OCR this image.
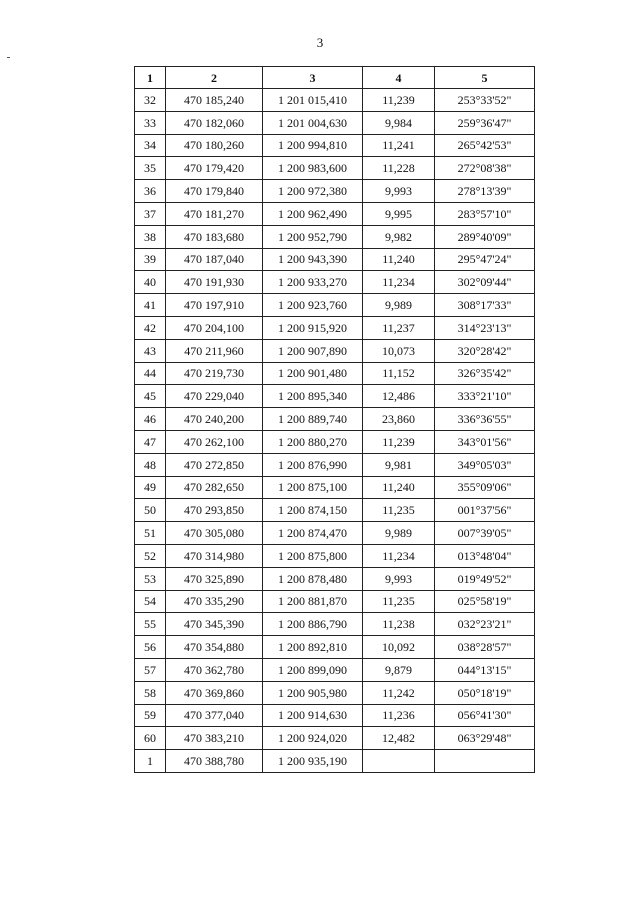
3
1	2	3	4	5
32	470 185,240	1 201 015,410	11,239	253°33'52"
33	470 182,060	1 201 004,630	9,984	259°36'47"
34	470 180,260	1 200 994,810	11,241	265°42'53"
35	470 179,420	1 200 983,600	11,228	272°08'38"
36	470 179,840	1 200 972,380	9,993	278°13'39"
37	470 181,270	1 200 962,490	9,995	283°57'10"
38	470 183,680	1 200 952,790	9,982	289°40'09"
39	470 187,040	1 200 943,390	11,240	295°47'24"
40	470 191,930	1 200 933,270	11,234	302°09'44"
41	470 197,910	1 200 923,760	9,989	308°17'33"
42	470 204,100	1 200 915,920	11,237	314°23'13"
43	470 211,960	1 200 907,890	10,073	320°28'42"
44	470 219,730	1 200 901,480	11,152	326°35'42"
45	470 229,040	1 200 895,340	12,486	333°21'10"
46	470 240,200	1 200 889,740	23,860	336°36'55"
47	470 262,100	1 200 880,270	11,239	343°01'56"
48	470 272,850	1 200 876,990	9,981	349°05'03"
49	470 282,650	1 200 875,100	11,240	355°09'06"
50	470 293,850	1 200 874,150	11,235	001°37'56"
51	470 305,080	1 200 874,470	9,989	007°39'05"
52	470 314,980	1 200 875,800	11,234	013°48'04"
53	470 325,890	1 200 878,480	9,993	019°49'52"
54	470 335,290	1 200 881,870	11,235	025°58'19"
55	470 345,390	1 200 886,790	11,238	032°23'21"
56	470 354,880	1 200 892,810	10,092	038°28'57"
57	470 362,780	1 200 899,090	9,879	044°13'15"
58	470 369,860	1 200 905,980	11,242	050°18'19"
59	470 377,040	1 200 914,630	11,236	056°41'30"
60	470 383,210	1 200 924,020	12,482	063°29'48"
1	470 388,780	1 200 935,190		
